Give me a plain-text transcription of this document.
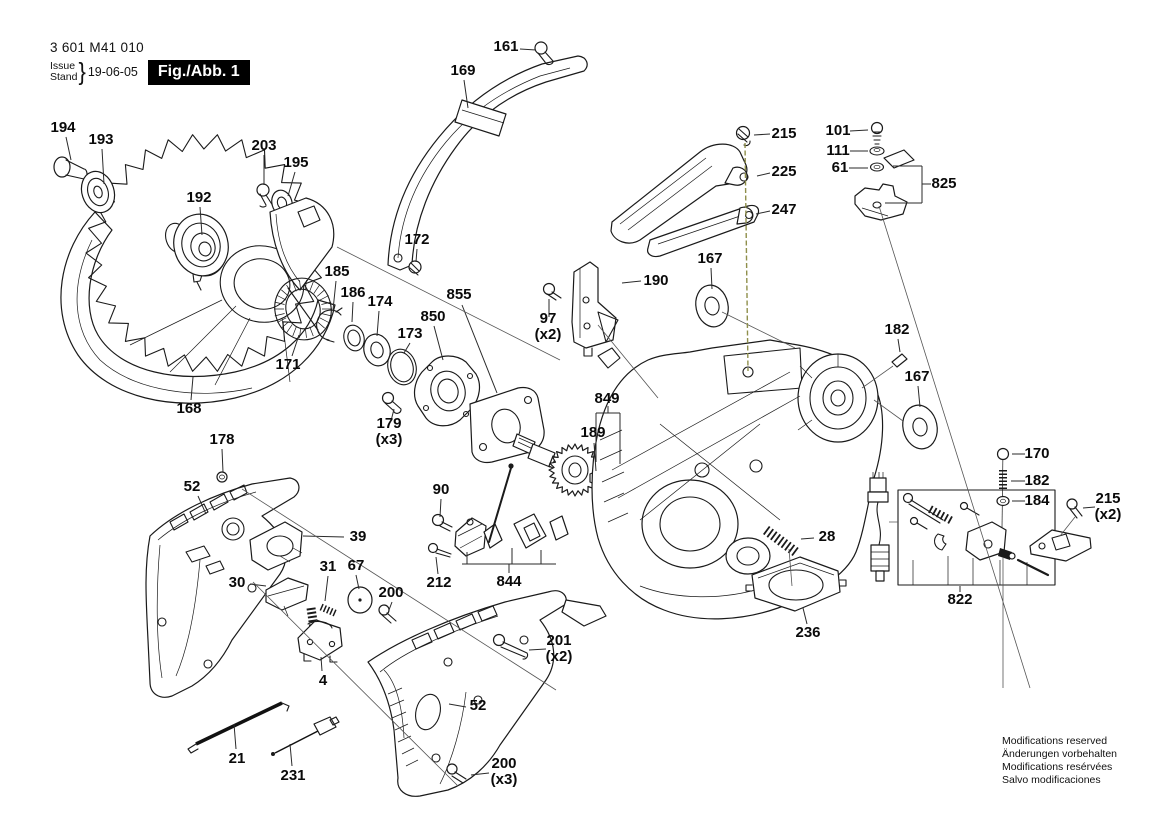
3 601 M41 010
Issue
Stand } 19-06-05	Fig./Abb. 1
194
193
192
203
195
161
169
172
185
186
174
173
850
855
171
168
179
(x3)
178
52
39
30
31 67
200
90
212	844
4
21
231
52
200
(x3)
201
(x2)
97
(x2)
190
167
849
189
215
225
247
101
111
61
825
182
167
28
170
182
184	215
(x2)
822
236
Modifications reserved
Änderungen vorbehalten
Modifications resérvées
Salvo modificaciones
